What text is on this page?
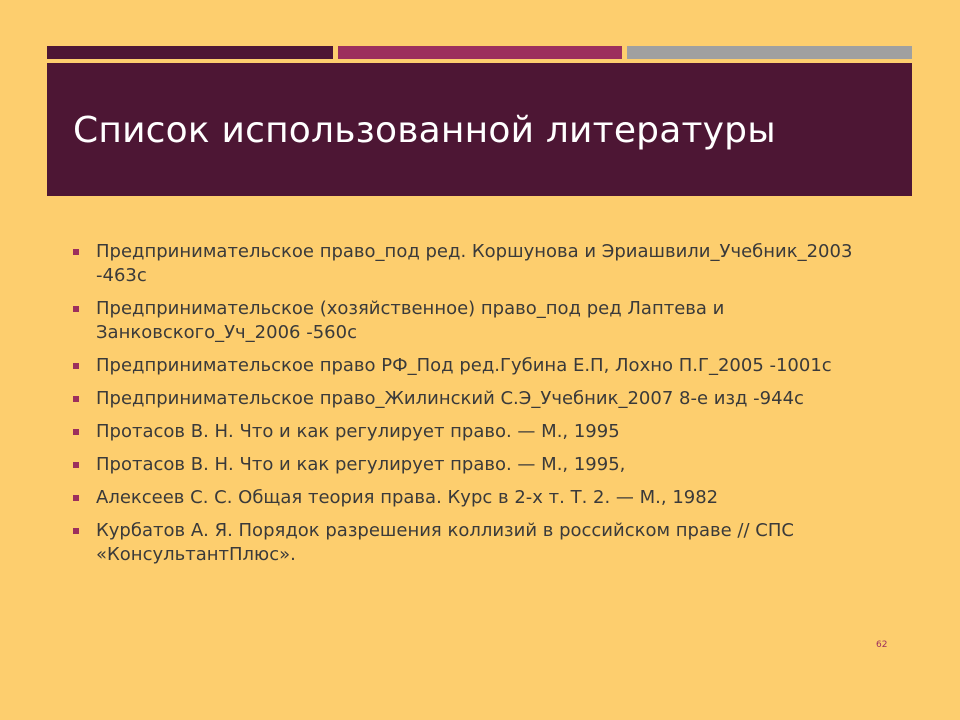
Список использованной литературы
Предпринимательское право_под ред. Коршунова и Эриашвили_Учебник_2003 -463с
Предпринимательское (хозяйственное) право_под ред Лаптева и Занковского_Уч_2006 -560с
Предпринимательское право РФ_Под ред.Губина Е.П, Лохно П.Г_2005 -1001с
Предпринимательское право_Жилинский С.Э_Учебник_2007 8-е изд -944с
Протасов В. Н. Что и как регулирует право. — М., 1995
Протасов В. Н. Что и как регулирует право. — М., 1995,
Алексеев С. С. Общая теория права. Курс в 2-х т. Т. 2. — М., 1982
Курбатов А. Я. Порядок разрешения коллизий в российском праве // СПС «КонсультантПлюс».
62
